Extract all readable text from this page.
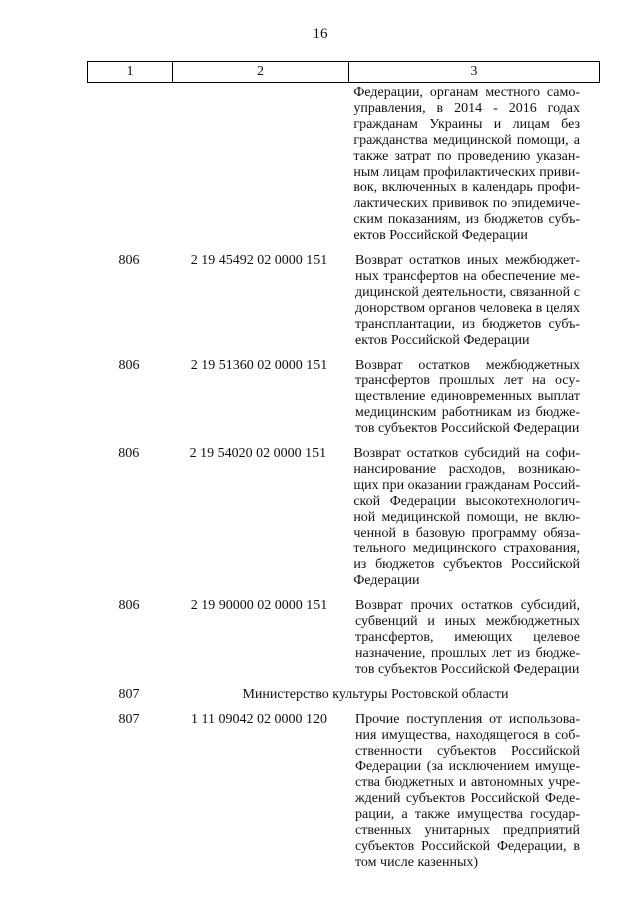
16
1	2	3
Федерации, органам местного само-
управления, в 2014 - 2016 годах
гражданам Украины и лицам без
гражданства медицинской помощи, а
также затрат по проведению указан-
ным лицам профилактических приви-
вок, включенных в календарь профи-
лактических прививок по эпидемиче-
ским показаниям, из бюджетов субъ-
ектов Российской Федерации
806	2 19 45492 02 0000 151	Возврат остатков иных межбюджет-
ных трансфертов на обеспечение ме-
дицинской деятельности, связанной с
донорством органов человека в целях
трансплантации, из бюджетов субъ-
ектов Российской Федерации
806	2 19 51360 02 0000 151	Возврат остатков межбюджетных
трансфертов прошлых лет на осу-
ществление единовременных выплат
медицинским работникам из бюдже-
тов субъектов Российской Федерации
806	2 19 54020 02 0000 151	Возврат остатков субсидий на софи-
нансирование расходов, возникаю-
щих при оказании гражданам Россий-
ской Федерации высокотехнологич-
ной медицинской помощи, не вклю-
ченной в базовую программу обяза-
тельного медицинского страхования,
из бюджетов субъектов Российской
Федерации
806	2 19 90000 02 0000 151	Возврат прочих остатков субсидий,
субвенций и иных межбюджетных
трансфертов, имеющих целевое
назначение, прошлых лет из бюдже-
тов субъектов Российской Федерации
807	Министерство культуры Ростовской области
807	1 11 09042 02 0000 120	Прочие поступления от использова-
ния имущества, находящегося в соб-
ственности субъектов Российской
Федерации (за исключением имуще-
ства бюджетных и автономных учре-
ждений субъектов Российской Феде-
рации, а также имущества государ-
ственных унитарных предприятий
субъектов Российской Федерации, в
том числе казенных)
